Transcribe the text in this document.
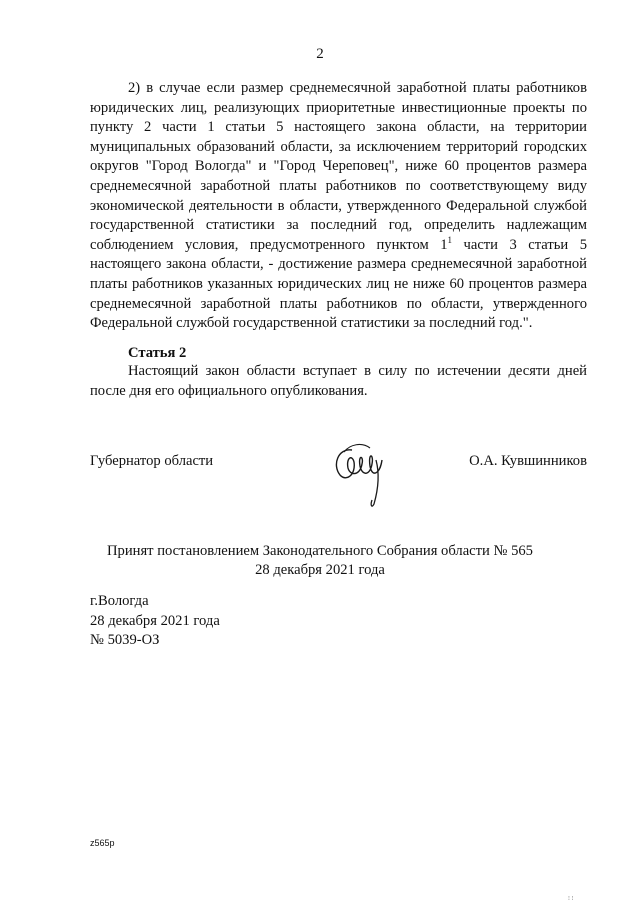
2

2) в случае если размер среднемесячной заработной платы работников юридических лиц, реализующих приоритетные инвестиционные проекты по пункту 2 части 1 статьи 5 настоящего закона области, на территории муниципальных образований области, за исключением территорий городских округов "Город Вологда" и "Город Череповец", ниже 60 процентов размера среднемесячной заработной платы работников по соответствующему виду экономической деятельности в области, утвержденного Федеральной службой государственной статистики за последний год, определить надлежащим соблюдением условия, предусмотренного пунктом $1^1$ части 3 статьи 5 настоящего закона области, - достижение размера среднемесячной заработной платы работников указанных юридических лиц не ниже 60 процентов размера среднемесячной заработной платы работников по области, утвержденного Федеральной службой государственной статистики за последний год.".

Статья 2

Настоящий закон области вступает в силу по истечении десяти дней после дня его официального опубликования.

Губернатор области	О.А. Кувшинников
Принят постановлением Законодательного Собрания области № 565
28 декабря 2021 года
г.Вологда
28 декабря 2021 года
№ 5039-ОЗ
z565р
⁝ ⁝
